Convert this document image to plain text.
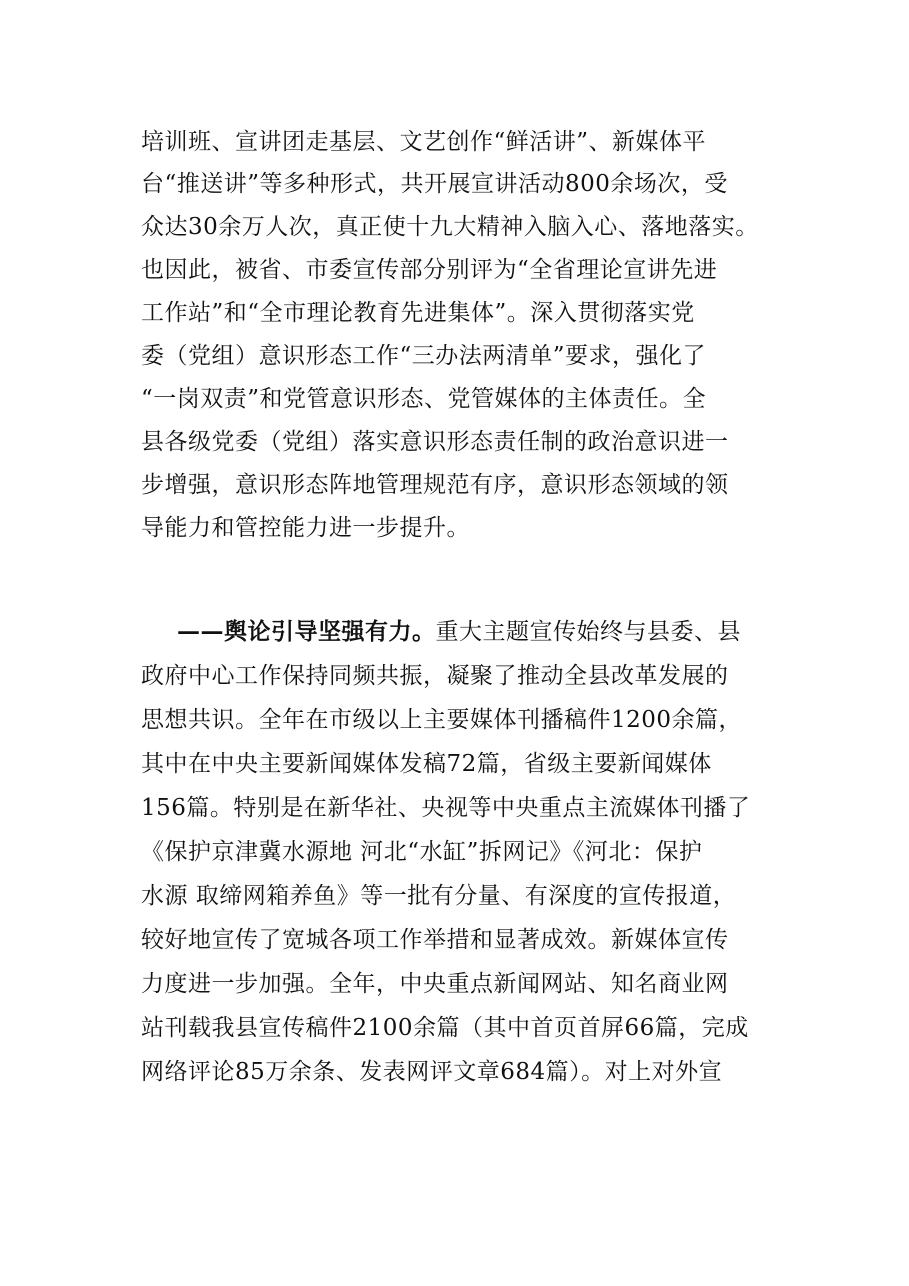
培训班、宣讲团走基层、文艺创作“鲜活讲”、新媒体平
台“推送讲”等多种形式，共开展宣讲活动800余场次，受
众达30余万人次，真正使十九大精神入脑入心、落地落实。
也因此，被省、市委宣传部分别评为“全省理论宣讲先进
工作站”和“全市理论教育先进集体”。深入贯彻落实党
委（党组）意识形态工作“三办法两清单”要求，强化了
“一岗双责”和党管意识形态、党管媒体的主体责任。全
县各级党委（党组）落实意识形态责任制的政治意识进一
步增强，意识形态阵地管理规范有序，意识形态领域的领
导能力和管控能力进一步提升。
——舆论引导坚强有力。重大主题宣传始终与县委、县
政府中心工作保持同频共振，凝聚了推动全县改革发展的
思想共识。全年在市级以上主要媒体刊播稿件1200余篇，
其中在中央主要新闻媒体发稿72篇，省级主要新闻媒体
156篇。特别是在新华社、央视等中央重点主流媒体刊播了
《保护京津冀水源地 河北“水缸”拆网记》《河北：保护
水源 取缔网箱养鱼》等一批有分量、有深度的宣传报道，
较好地宣传了宽城各项工作举措和显著成效。新媒体宣传
力度进一步加强。全年，中央重点新闻网站、知名商业网
站刊载我县宣传稿件2100余篇（其中首页首屏66篇，完成
网络评论85万余条、发表网评文章684篇）。对上对外宣
